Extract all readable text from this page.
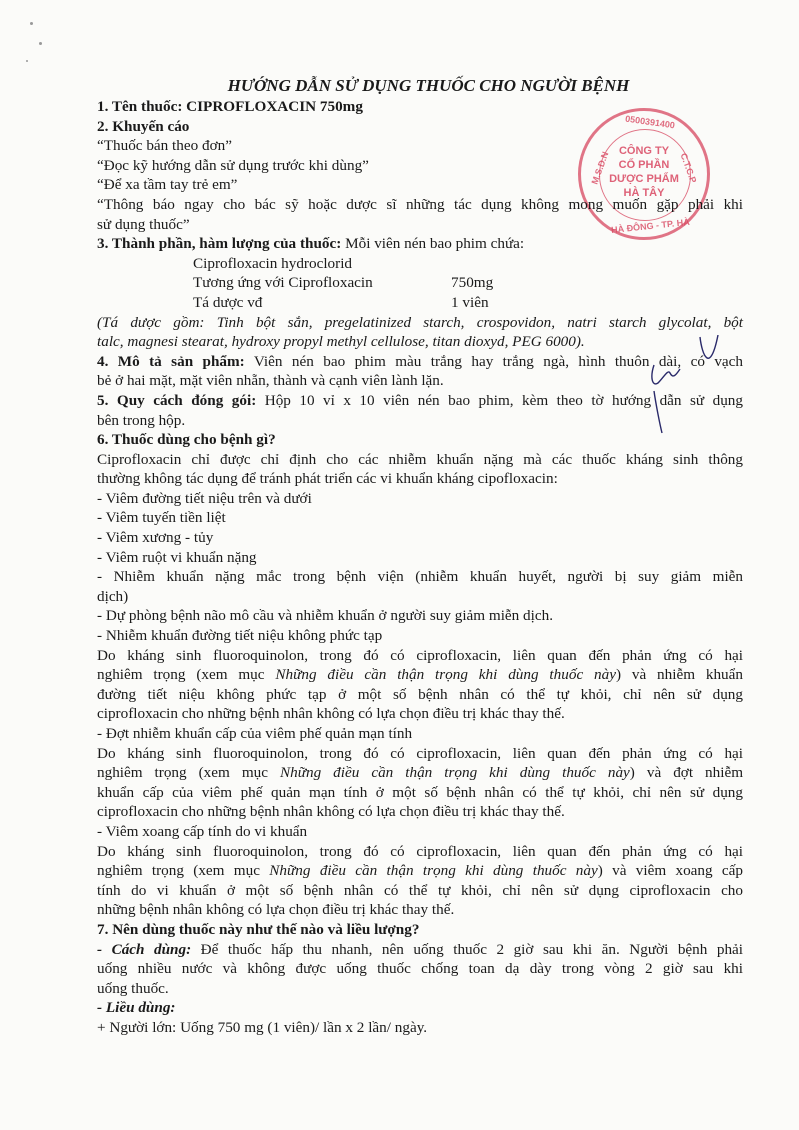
HƯỚNG DẪN SỬ DỤNG THUỐC CHO NGƯỜI BỆNH
0500391400
M.S.D.N	C.T.C.P
HÀ ĐÔNG - TP. HÀ
CÔNG TY
CỔ PHẦN
DƯỢC PHẨM
HÀ TÂY
1. Tên thuốc: CIPROFLOXACIN 750mg
2. Khuyến cáo
“Thuốc bán theo đơn”
“Đọc kỹ hướng dẫn sử dụng trước khi dùng”
“Để xa tầm tay trẻ em”
“Thông báo ngay cho bác sỹ hoặc dược sĩ những tác dụng không mong muốn gặp phải khi
sử dụng thuốc”
3. Thành phần, hàm lượng của thuốc: Mỗi viên nén bao phim chứa:
Ciprofloxacin hydroclorid
Tương ứng với Ciprofloxacin	750mg
Tá dược vđ	1 viên
(Tá dược gồm: Tinh bột sắn, pregelatinized starch, crospovidon, natri starch glycolat, bột
talc, magnesi stearat, hydroxy propyl methyl cellulose, titan dioxyd, PEG 6000).
4. Mô tả sản phẩm: Viên nén bao phim màu trắng hay trắng ngà, hình thuôn dài, có vạch
bẻ ở hai mặt, mặt viên nhẵn, thành và cạnh viên lành lặn.
5. Quy cách đóng gói: Hộp 10 vỉ x 10 viên nén bao phim, kèm theo tờ hướng dẫn sử dụng
bên trong hộp.
6. Thuốc dùng cho bệnh gì?
Ciprofloxacin chỉ được chỉ định cho các nhiễm khuẩn nặng mà các thuốc kháng sinh thông
thường không tác dụng để tránh phát triển các vi khuẩn kháng cipofloxacin:
- Viêm đường tiết niệu trên và dưới
- Viêm tuyến tiền liệt
- Viêm xương - tủy
- Viêm ruột vi khuẩn nặng
- Nhiễm khuẩn nặng mắc trong bệnh viện (nhiễm khuẩn huyết, người bị suy giảm miễn
dịch)
- Dự phòng bệnh não mô cầu và nhiễm khuẩn ở người suy giảm miễn dịch.
- Nhiễm khuẩn đường tiết niệu không phức tạp
Do kháng sinh fluoroquinolon, trong đó có ciprofloxacin, liên quan đến phản ứng có hại
nghiêm trọng (xem mục Những điều cần thận trọng khi dùng thuốc này) và nhiễm khuẩn
đường tiết niệu không phức tạp ở một số bệnh nhân có thể tự khỏi, chỉ nên sử dụng
ciprofloxacin cho những bệnh nhân không có lựa chọn điều trị khác thay thế.
- Đợt nhiễm khuẩn cấp của viêm phế quản mạn tính
Do kháng sinh fluoroquinolon, trong đó có ciprofloxacin, liên quan đến phản ứng có hại
nghiêm trọng (xem mục Những điều cần thận trọng khi dùng thuốc này) và đợt nhiễm
khuẩn cấp của viêm phế quản mạn tính ở một số bệnh nhân có thể tự khỏi, chỉ nên sử dụng
ciprofloxacin cho những bệnh nhân không có lựa chọn điều trị khác thay thế.
- Viêm xoang cấp tính do vi khuẩn
Do kháng sinh fluoroquinolon, trong đó có ciprofloxacin, liên quan đến phản ứng có hại
nghiêm trọng (xem mục Những điều cần thận trọng khi dùng thuốc này) và viêm xoang cấp
tính do vi khuẩn ở một số bệnh nhân có thể tự khỏi, chỉ nên sử dụng ciprofloxacin cho
những bệnh nhân không có lựa chọn điều trị khác thay thế.
7. Nên dùng thuốc này như thế nào và liều lượng?
- Cách dùng: Để thuốc hấp thu nhanh, nên uống thuốc 2 giờ sau khi ăn. Người bệnh phải
uống nhiều nước và không được uống thuốc chống toan dạ dày trong vòng 2 giờ sau khi
uống thuốc.
- Liều dùng:
+ Người lớn: Uống 750 mg (1 viên)/ lần x 2 lần/ ngày.
